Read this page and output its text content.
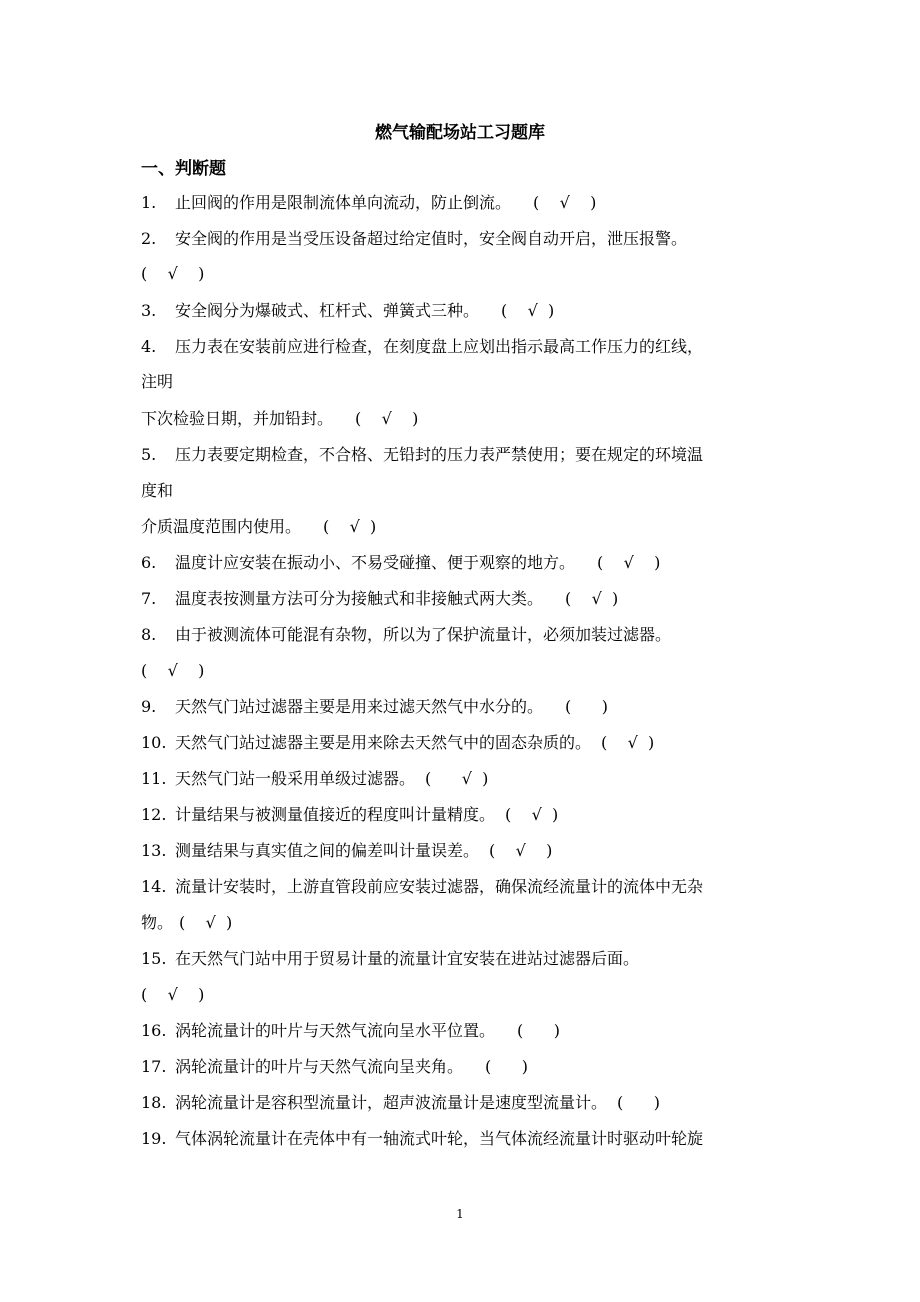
燃气输配场站工习题库
一、判断题
1. 止回阀的作用是限制流体单向流动，防止倒流。 (    √    )
2. 安全阀的作用是当受压设备超过给定值时，安全阀自动开启，泄压报警。
(    √    )
3. 安全阀分为爆破式、杠杆式、弹簧式三种。 (    √  )
4. 压力表在安装前应进行检查，在刻度盘上应划出指示最高工作压力的红线，
注明
下次检验日期，并加铅封。 (    √    )
5. 压力表要定期检查，不合格、无铅封的压力表严禁使用；要在规定的环境温
度和
介质温度范围内使用。 (    √  )
6. 温度计应安装在振动小、不易受碰撞、便于观察的地方。 (    √    )
7. 温度表按测量方法可分为接触式和非接触式两大类。 (    √  )
8. 由于被测流体可能混有杂物，所以为了保护流量计，必须加装过滤器。
(    √    )
9. 天然气门站过滤器主要是用来过滤天然气中水分的。 (      )
10. 天然气门站过滤器主要是用来除去天然气中的固态杂质的。 (    √  )
11. 天然气门站一般采用单级过滤器。 (      √  )
12. 计量结果与被测量值接近的程度叫计量精度。 (    √  )
13. 测量结果与真实值之间的偏差叫计量误差。 (    √    )
14. 流量计安装时，上游直管段前应安装过滤器，确保流经流量计的流体中无杂
物。 (    √  )
15. 在天然气门站中用于贸易计量的流量计宜安装在进站过滤器后面。
(    √    )
16. 涡轮流量计的叶片与天然气流向呈水平位置。 (      )
17. 涡轮流量计的叶片与天然气流向呈夹角。 (      )
18. 涡轮流量计是容积型流量计，超声波流量计是速度型流量计。 (      )
19. 气体涡轮流量计在壳体中有一轴流式叶轮，当气体流经流量计时驱动叶轮旋
1
